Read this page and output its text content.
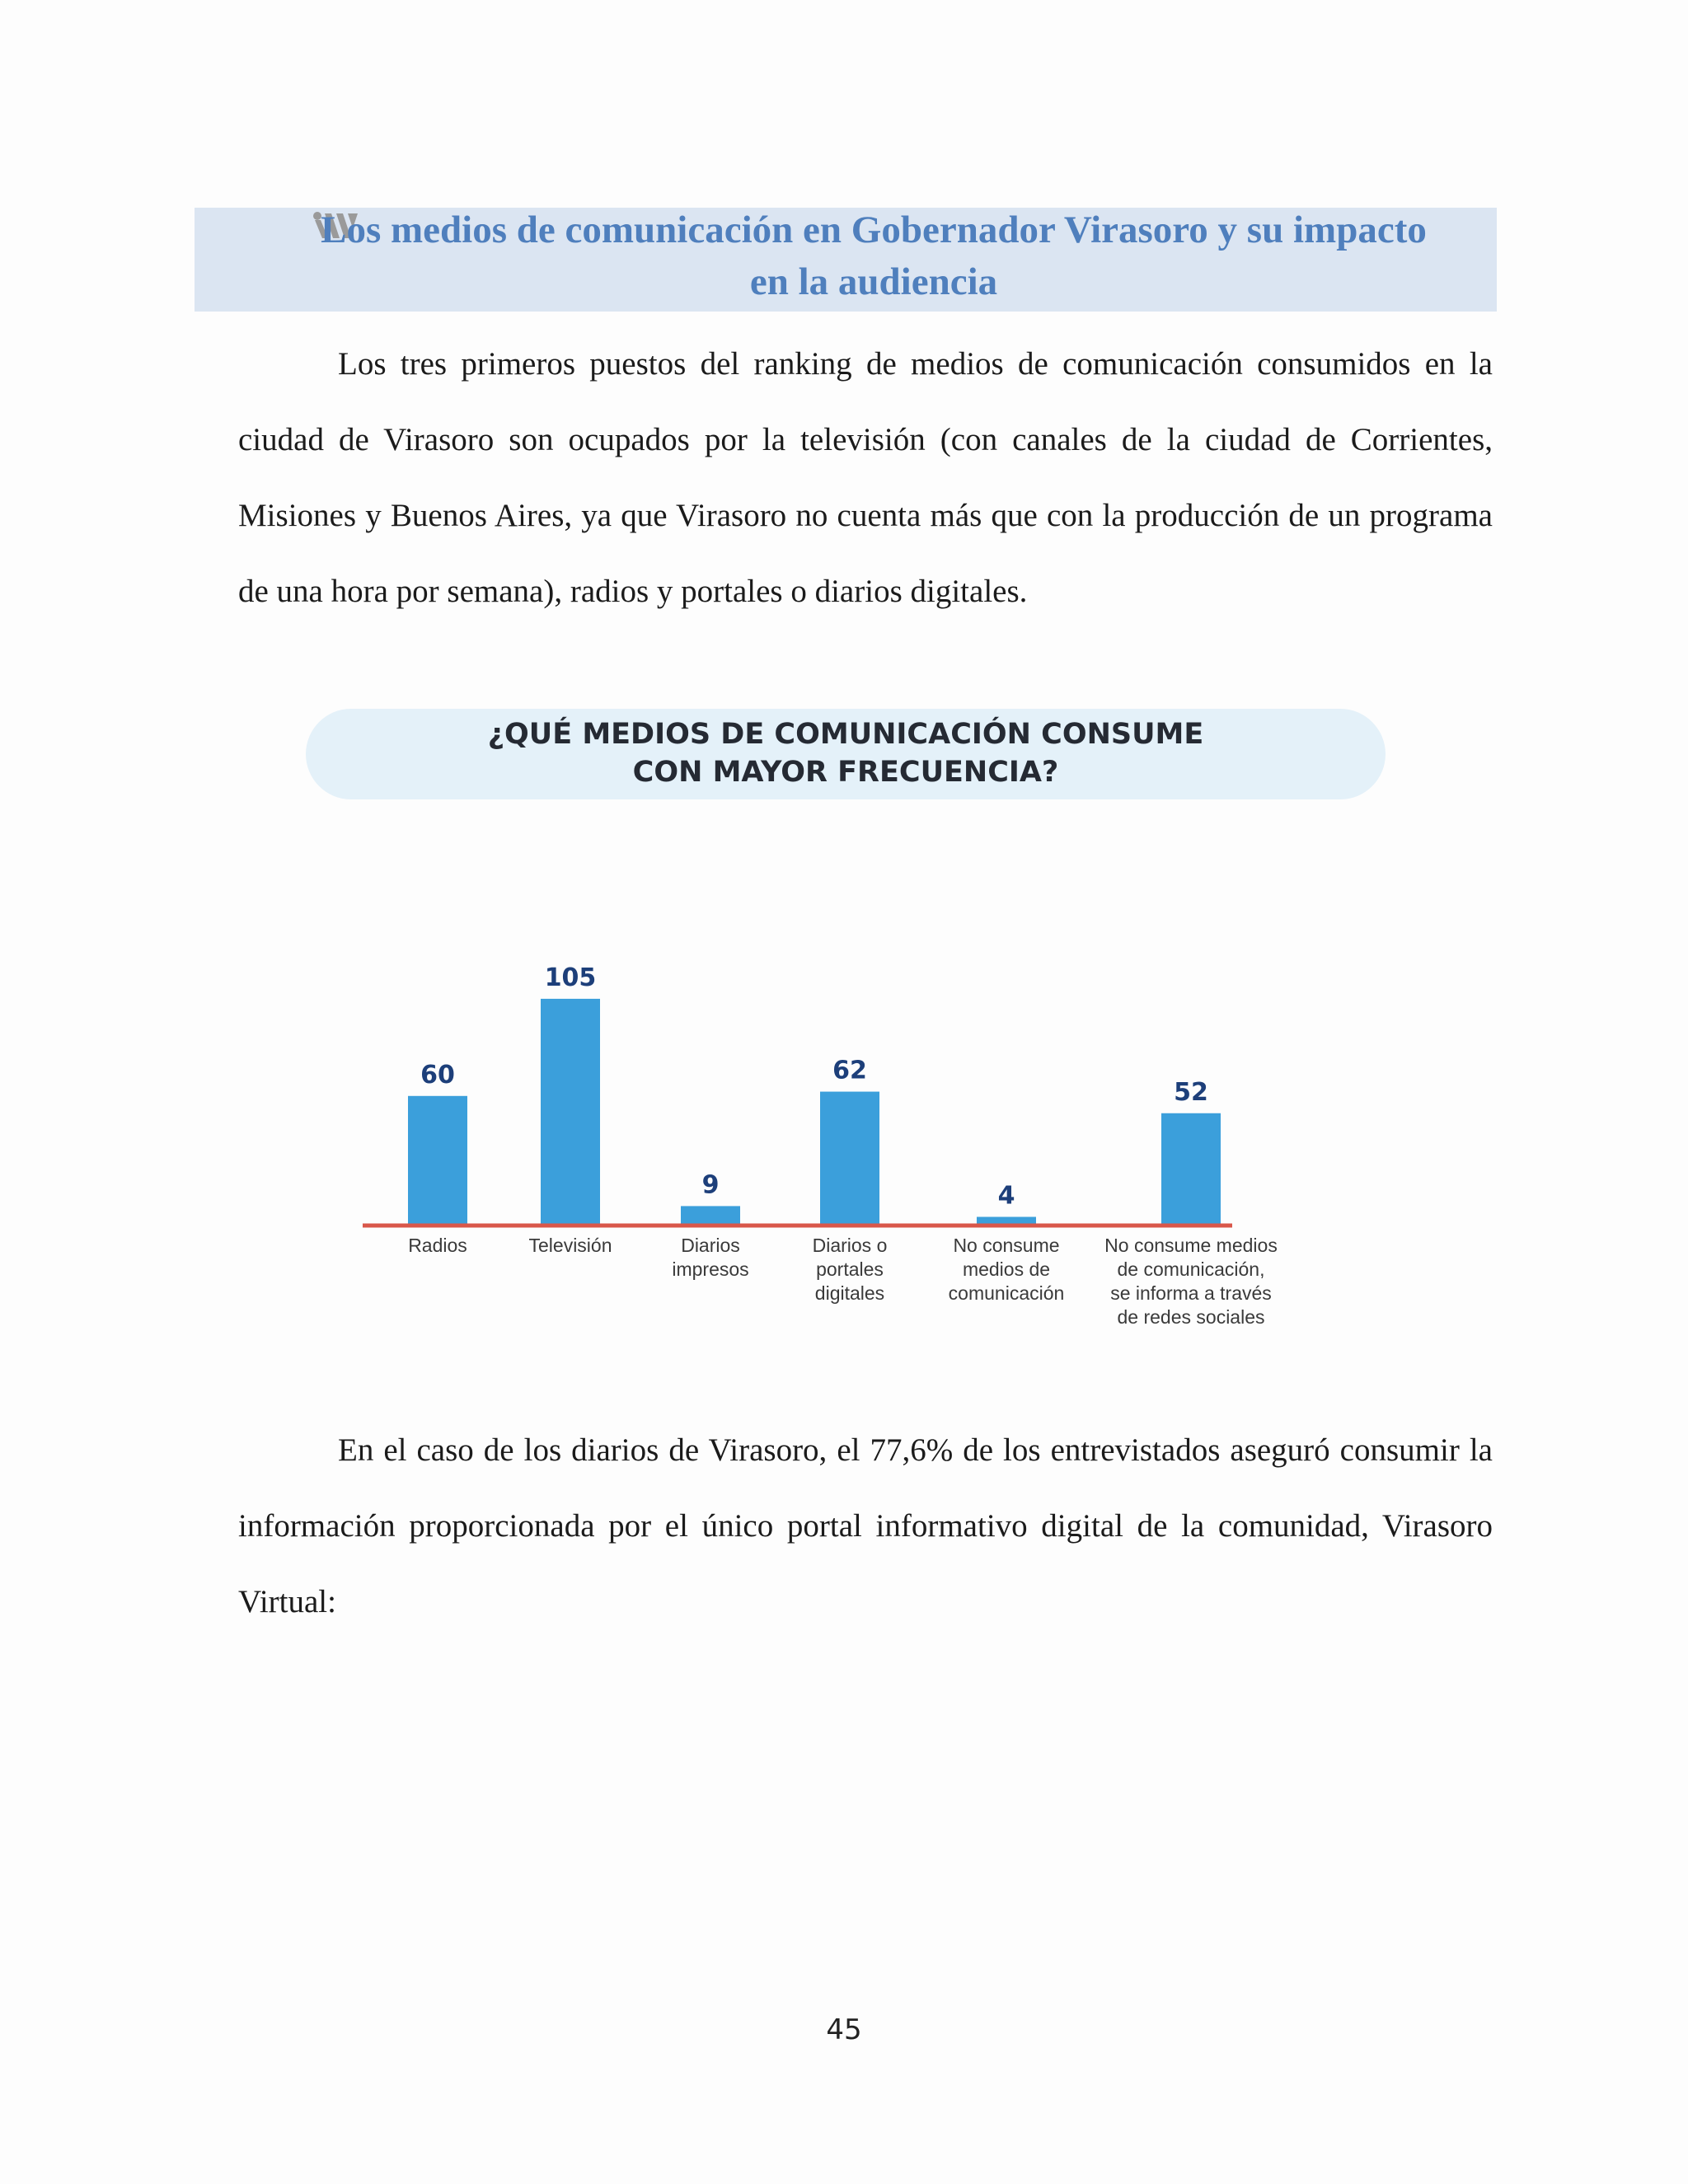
Los medios de comunicación en Gobernador Virasoro y su impacto
en la audiencia

Los tres primeros puestos del ranking de medios de comunicación consumidos en la ciudad de Virasoro son ocupados por la televisión (con canales de la ciudad de Corrientes, Misiones y Buenos Aires, ya que Virasoro no cuenta más que con la producción de un programa de una hora por semana), radios y portales o diarios digitales.

¿QUÉ MEDIOS DE COMUNICACIÓN CONSUME
CON MAYOR FRECUENCIA?
60
Radios
105
Televisión
9
Diarios impresos
62
Diarios o portales digitales
4
No consume medios de comunicación
52
No consume medios de comunicación, se informa a través de redes sociales

En el caso de los diarios de Virasoro, el 77,6% de los entrevistados aseguró consumir la información proporcionada por el único portal informativo digital de la comunidad, Virasoro Virtual:

45
